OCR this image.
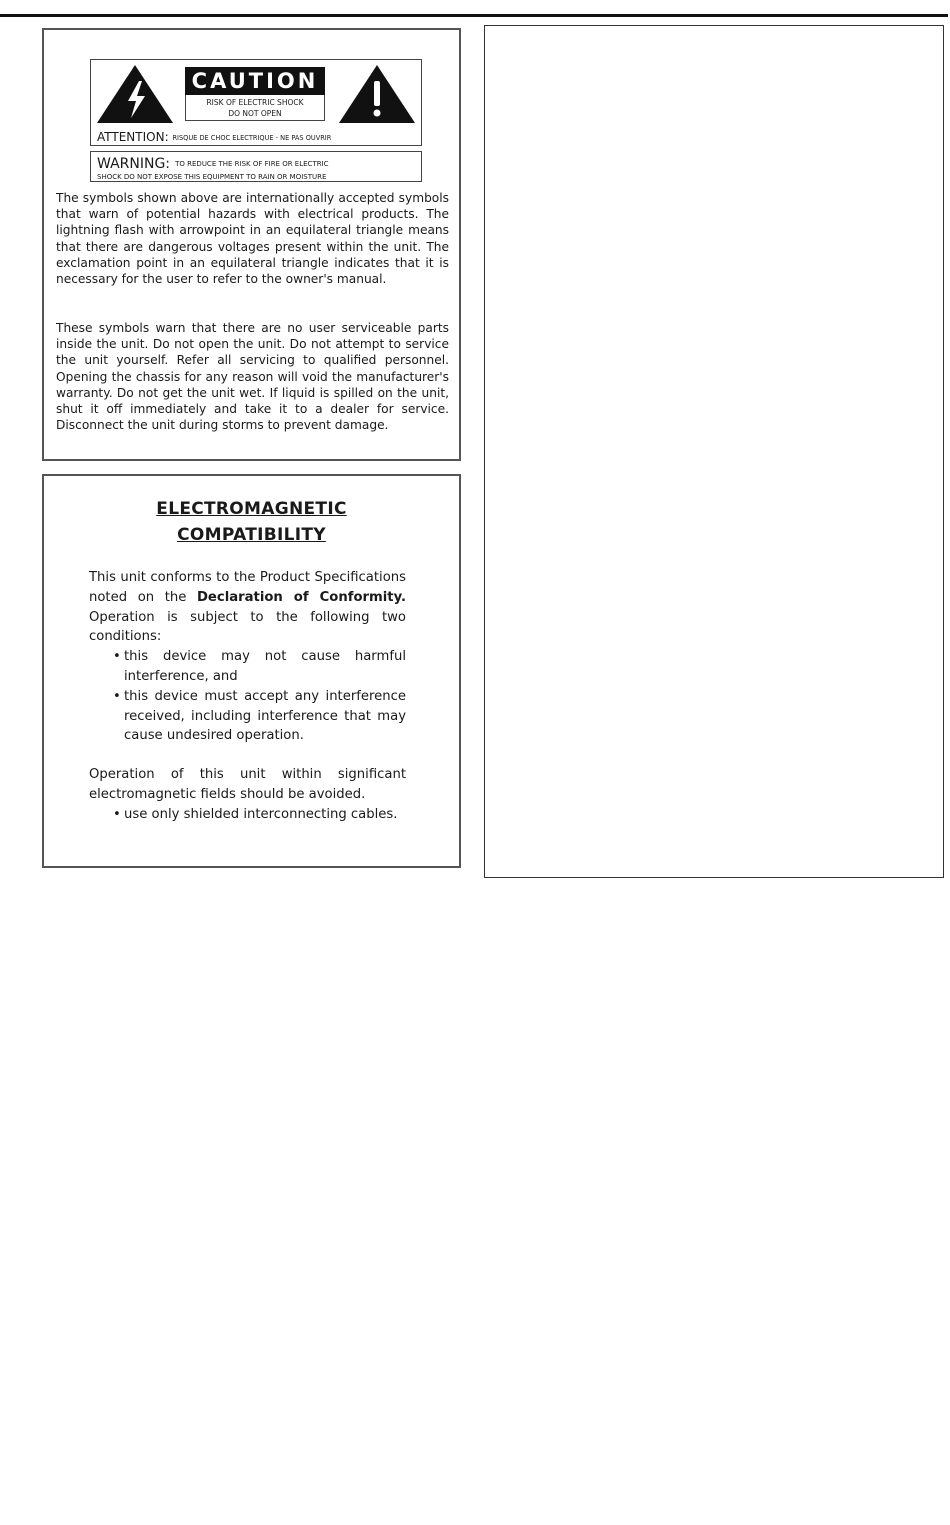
CAUTION
RISK OF ELECTRIC SHOCK
DO NOT OPEN
ATTENTION: RISQUE DE CHOC ELECTRIQUE - NE PAS OUVRIR
WARNING: TO REDUCE THE RISK OF FIRE OR ELECTRIC
SHOCK DO NOT EXPOSE THIS EQUIPMENT TO RAIN OR MOISTURE
The symbols shown above are internationally accepted symbols that warn of potential hazards with electrical products. The lightning flash with arrowpoint in an equilateral triangle means that there are dangerous voltages present within the unit. The exclamation point in an equilateral triangle indicates that it is necessary for the user to refer to the owner's manual.
These symbols warn that there are no user serviceable parts inside the unit. Do not open the unit. Do not attempt to service the unit yourself. Refer all servicing to qualified personnel. Opening the chassis for any reason will void the manufacturer's warranty. Do not get the unit wet. If liquid is spilled on the unit, shut it off immediately and take it to a dealer for service. Disconnect the unit during storms to prevent damage.
ELECTROMAGNETIC
COMPATIBILITY

This unit conforms to the Product Specifications noted on the Declaration of Conformity. Operation is subject to the following two conditions:

• this device may not cause harmful interference, and
• this device must accept any interference received, including interference that may cause undesired operation.

Operation of this unit within significant electromagnetic fields should be avoided.

• use only shielded interconnecting cables.
